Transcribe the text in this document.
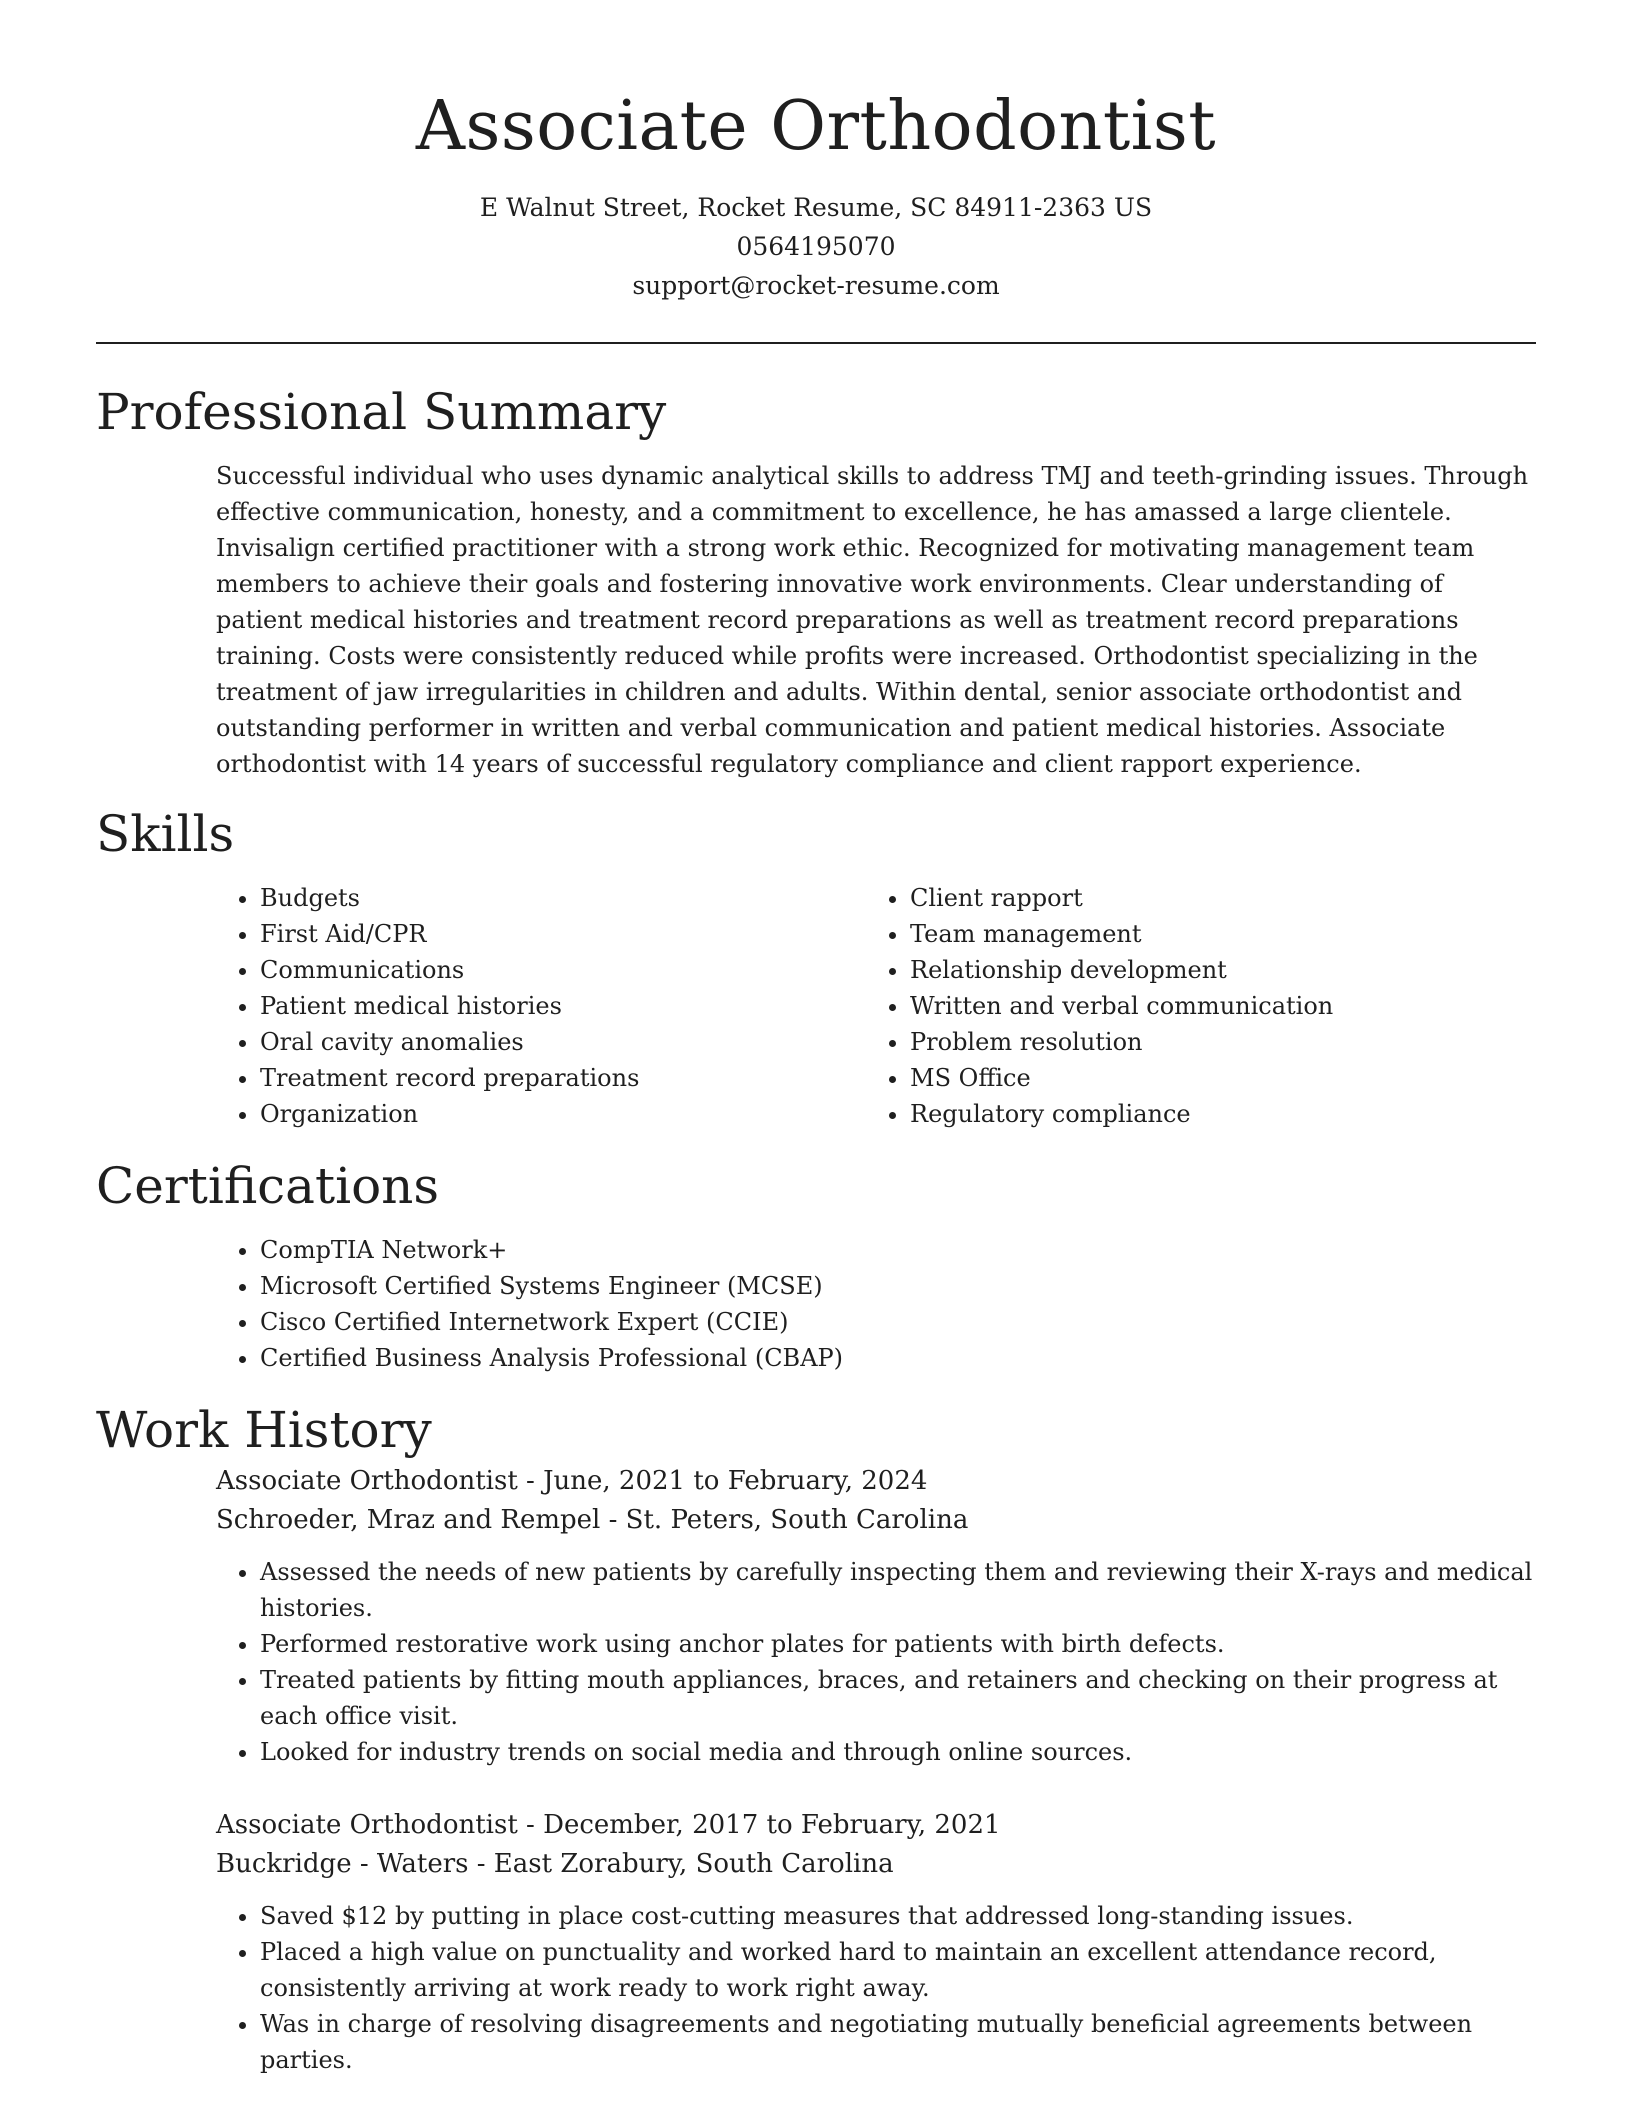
Associate Orthodontist
E Walnut Street, Rocket Resume, SC 84911-2363 US
0564195070
support@rocket-resume.com
Professional Summary

Successful individual who uses dynamic analytical skills to address TMJ and teeth-grinding issues. Through effective communication, honesty, and a commitment to excellence, he has amassed a large clientele. Invisalign certified practitioner with a strong work ethic. Recognized for motivating management team members to achieve their goals and fostering innovative work environments. Clear understanding of patient medical histories and treatment record preparations as well as treatment record preparations training. Costs were consistently reduced while profits were increased. Orthodontist specializing in the treatment of jaw irregularities in children and adults. Within dental, senior associate orthodontist and outstanding performer in written and verbal communication and patient medical histories. Associate orthodontist with 14 years of successful regulatory compliance and client rapport experience.

Skills
• Budgets
• First Aid/CPR
• Communications
• Patient medical histories
• Oral cavity anomalies
• Treatment record preparations
• Organization
• Client rapport
• Team management
• Relationship development
• Written and verbal communication
• Problem resolution
• MS Office
• Regulatory compliance
Certifications
• CompTIA Network+
• Microsoft Certified Systems Engineer (MCSE)
• Cisco Certified Internetwork Expert (CCIE)
• Certified Business Analysis Professional (CBAP)
Work History
Associate Orthodontist - June, 2021 to February, 2024
Schroeder, Mraz and Rempel - St. Peters, South Carolina
• Assessed the needs of new patients by carefully inspecting them and reviewing their X-rays and medical histories.
• Performed restorative work using anchor plates for patients with birth defects.
• Treated patients by fitting mouth appliances, braces, and retainers and checking on their progress at each office visit.
• Looked for industry trends on social media and through online sources.
Associate Orthodontist - December, 2017 to February, 2021
Buckridge - Waters - East Zorabury, South Carolina
• Saved $12 by putting in place cost-cutting measures that addressed long-standing issues.
• Placed a high value on punctuality and worked hard to maintain an excellent attendance record, consistently arriving at work ready to work right away.
• Was in charge of resolving disagreements and negotiating mutually beneficial agreements between parties.
